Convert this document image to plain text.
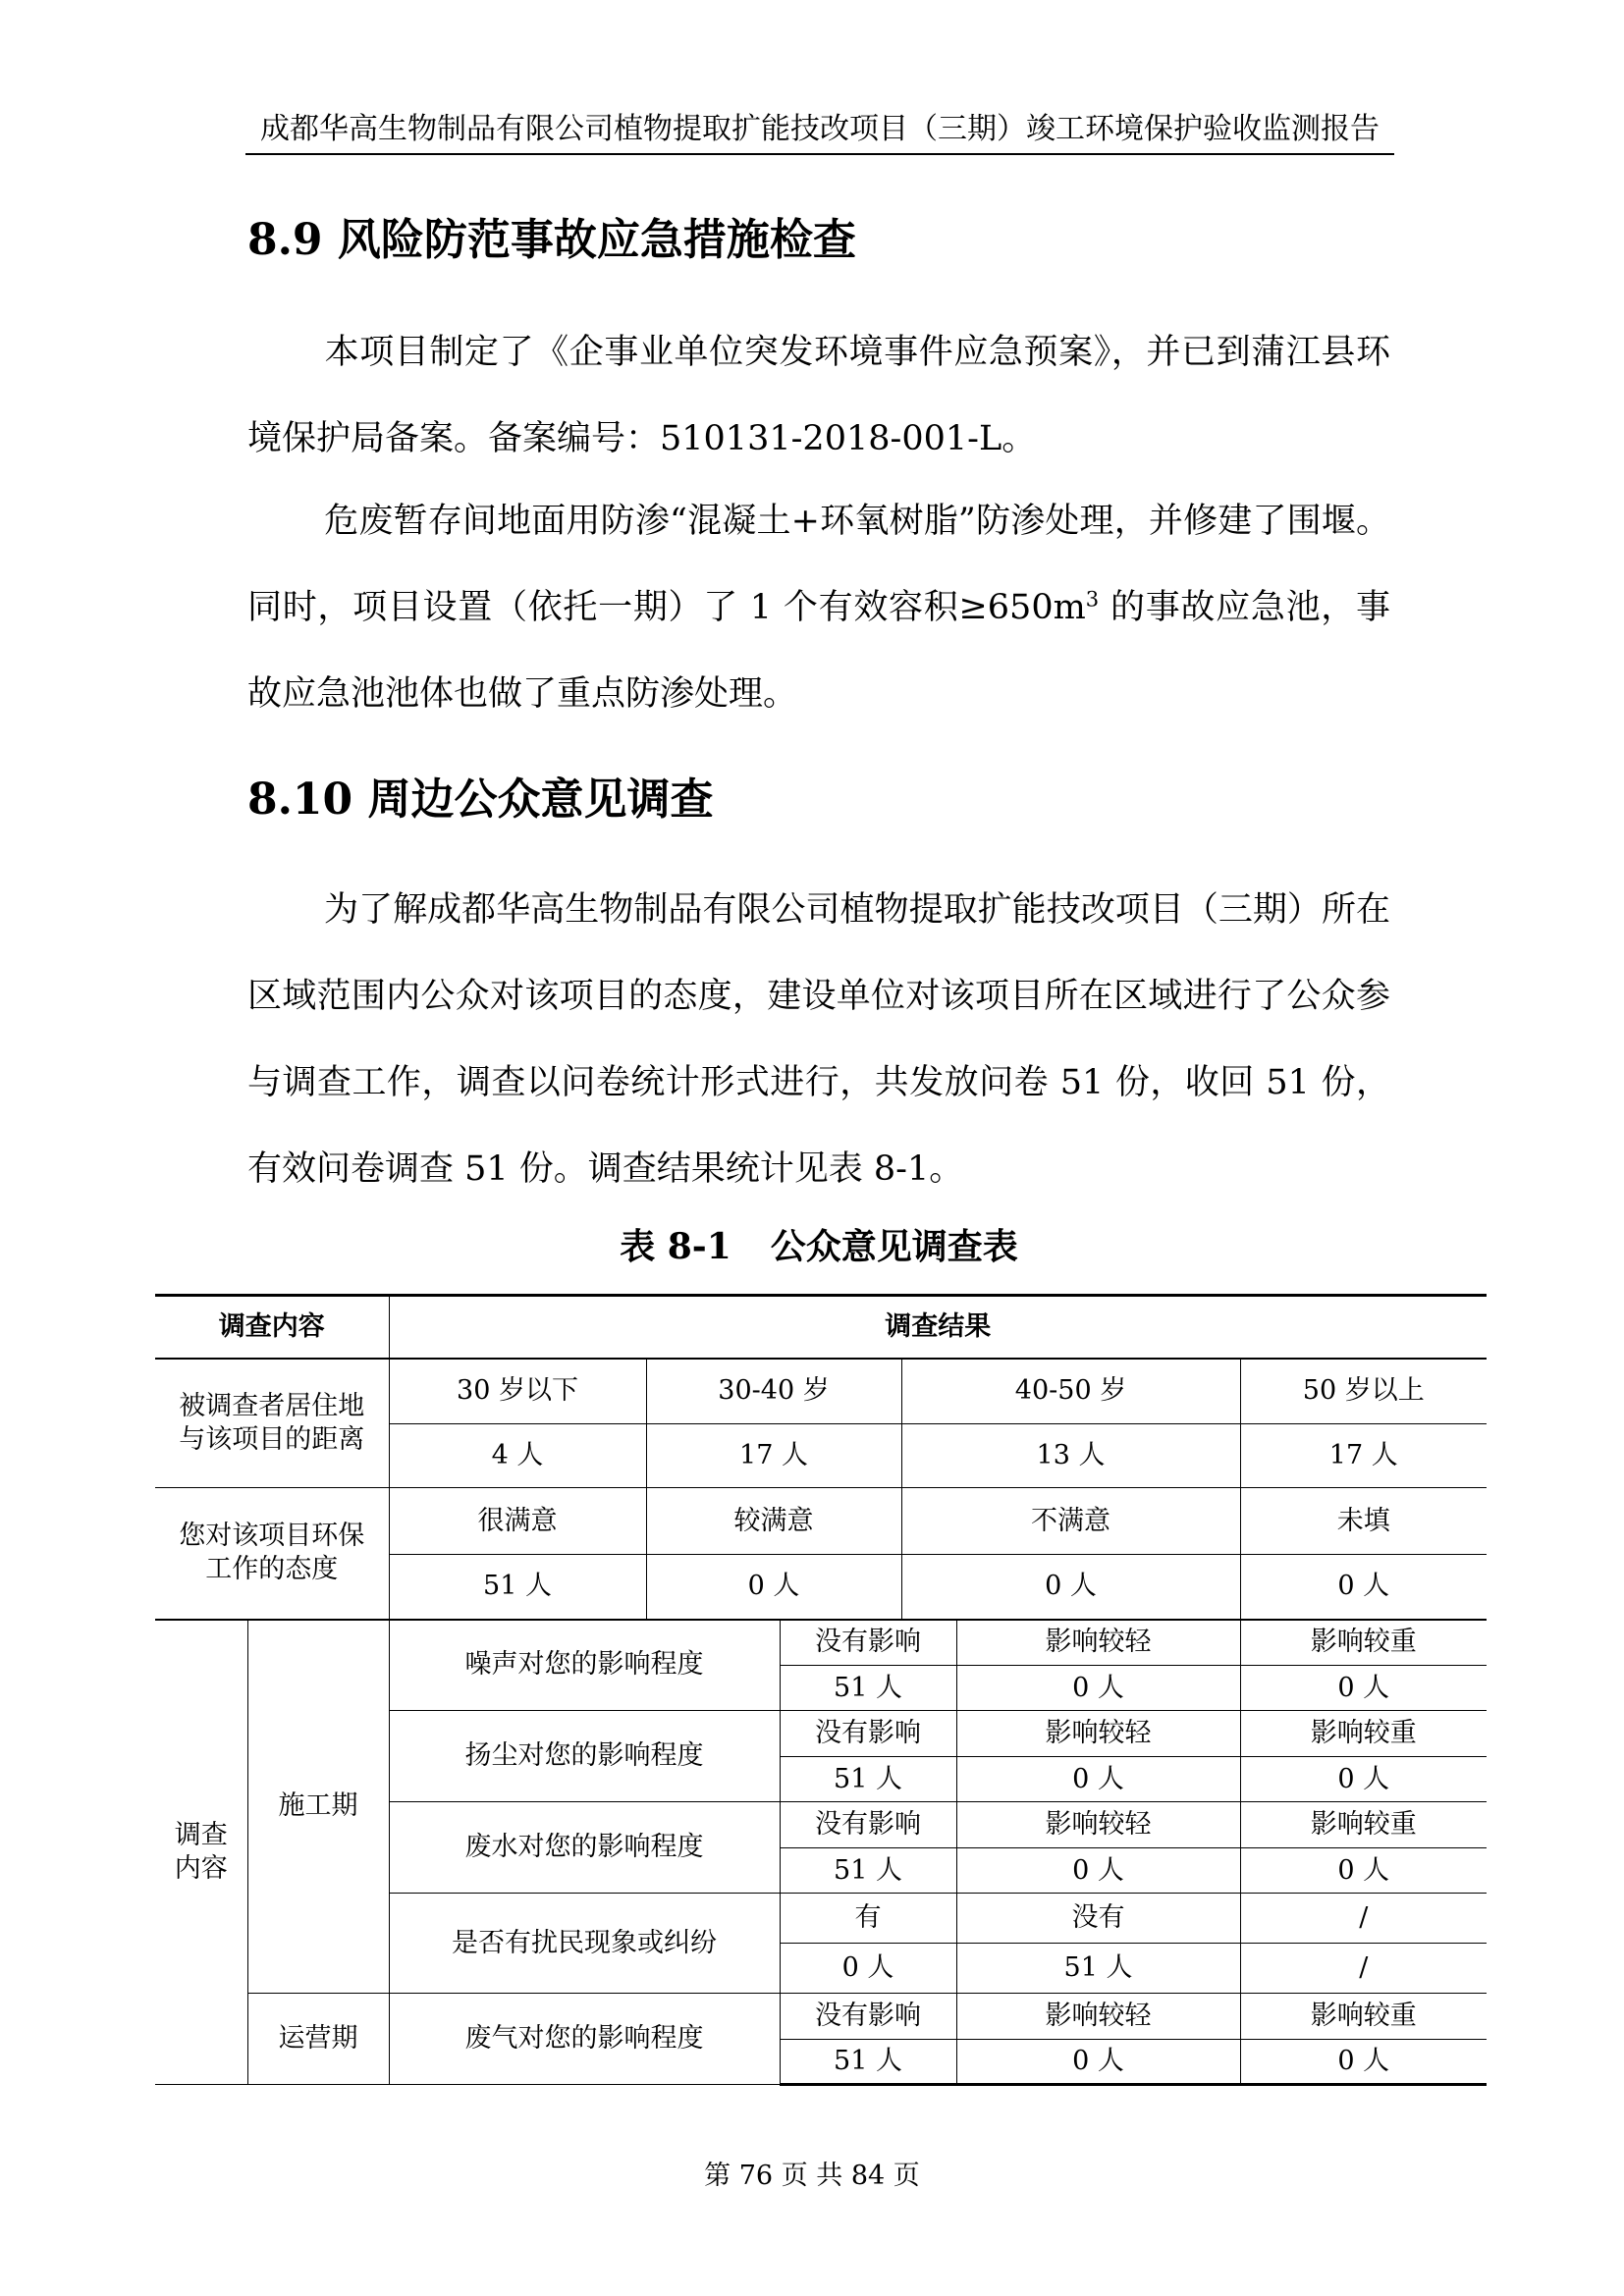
成都华高生物制品有限公司植物提取扩能技改项目（三期）竣工环境保护验收监测报告
8.9 风险防范事故应急措施检查

本项目制定了《企事业单位突发环境事件应急预案》，并已到蒲江县环境保护局备案。备案编号：510131-2018-001-L。

危废暂存间地面用防渗“混凝土+环氧树脂”防渗处理，并修建了围堰。同时，项目设置（依托一期）了 1 个有效容积$\ge 650m^3$ 的事故应急池，事故应急池池体也做了重点防渗处理。

8.10 周边公众意见调查

为了解成都华高生物制品有限公司植物提取扩能技改项目（三期）所在区域范围内公众对该项目的态度，建设单位对该项目所在区域进行了公众参与调查工作，调查以问卷统计形式进行，共发放问卷 51 份，收回 51 份，有效问卷调查 51 份。调查结果统计见表 8-1。

表 8-1 公众意见调查表
调查内容		调查结果					
被调查者居住地
与该项目的距离		30 岁以下	30-40 岁		40-50 岁		50 岁以上
		4 人	17 人		13 人		17 人
您对该项目环保
工作的态度		很满意	较满意		不满意		未填
		51 人	0 人		0 人		0 人
调查
内容	施工期	噪声对您的影响程度		没有影响		影响较轻	影响较重
				51 人		0 人	0 人
		扬尘对您的影响程度		没有影响		影响较轻	影响较重
				51 人		0 人	0 人
		废水对您的影响程度		没有影响		影响较轻	影响较重
				51 人		0 人	0 人
		是否有扰民现象或纠纷		有		没有	/
				0 人		51 人	/
	运营期	废气对您的影响程度		没有影响		影响较轻	影响较重
				51 人		0 人	0 人
第 76 页 共 84 页
